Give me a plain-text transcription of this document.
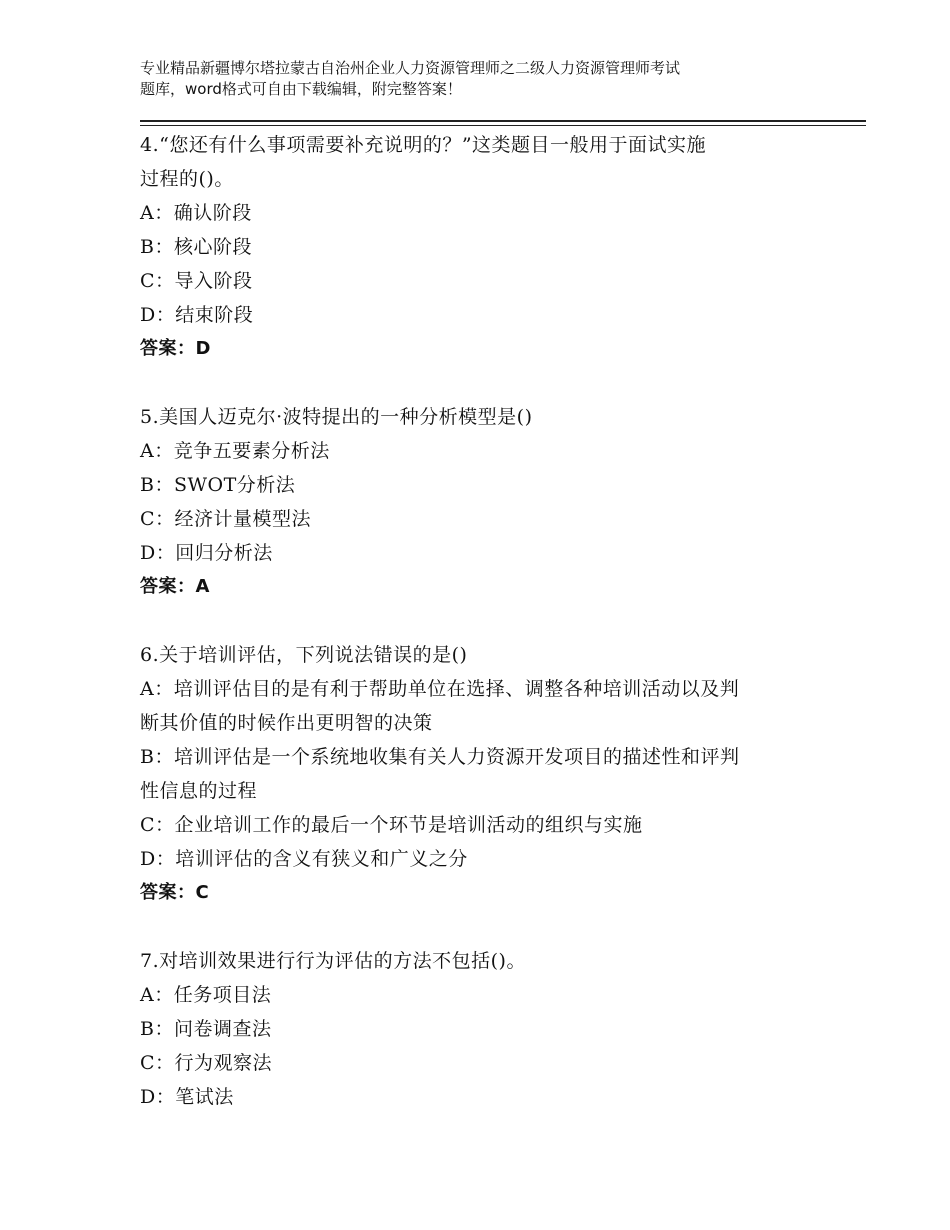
专业精品新疆博尔塔拉蒙古自治州企业人力资源管理师之二级人力资源管理师考试

题库，word格式可自由下载编辑，附完整答案！

4.“您还有什么事项需要补充说明的？”这类题目一般用于面试实施

过程的()。

A：确认阶段

B：核心阶段

C：导入阶段

D：结束阶段

答案：D

5.美国人迈克尔·波特提出的一种分析模型是()

A：竞争五要素分析法

B：SWOT分析法

C：经济计量模型法

D：回归分析法

答案：A

6.关于培训评估，下列说法错误的是()

A：培训评估目的是有利于帮助单位在选择、调整各种培训活动以及判

断其价值的时候作出更明智的决策

B：培训评估是一个系统地收集有关人力资源开发项目的描述性和评判

性信息的过程

C：企业培训工作的最后一个环节是培训活动的组织与实施

D：培训评估的含义有狭义和广义之分

答案：C

7.对培训效果进行行为评估的方法不包括()。

A：任务项目法

B：问卷调查法

C：行为观察法

D：笔试法
